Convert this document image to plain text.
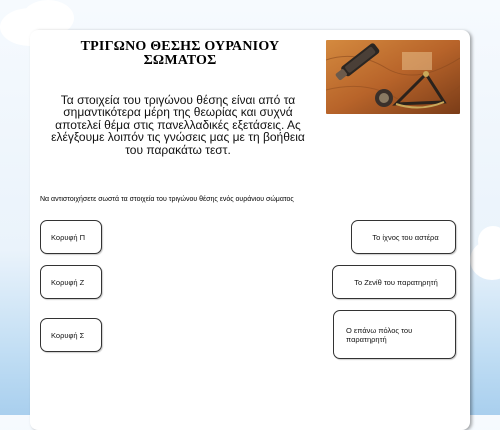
ΤΡΙΓΩΝΟ ΘΕΣΗΣ ΟΥΡΑΝΙΟΥ ΣΩΜΑΤΟΣ
Τα στοιχεία του τριγώνου θέσης είναι από τα σημαντικότερα μέρη της θεωρίας και συχνά αποτελεί θέμα στις πανελλαδικές εξετάσεις. Ας ελέγξουμε λοιπόν τις γνώσεις μας με τη βοήθεια του παρακάτω τεστ.
Να αντιστοιχήσετε σωστά τα στοιχεία του τριγώνου θέσης ενός ουράνιου σώματος
Κορυφή Π
Κορυφή Ζ
Κορυφή Σ
Το ίχνος του αστέρα
Το Ζενίθ του παρατηρητή
Ο επάνω πόλος του παρατηρητή
